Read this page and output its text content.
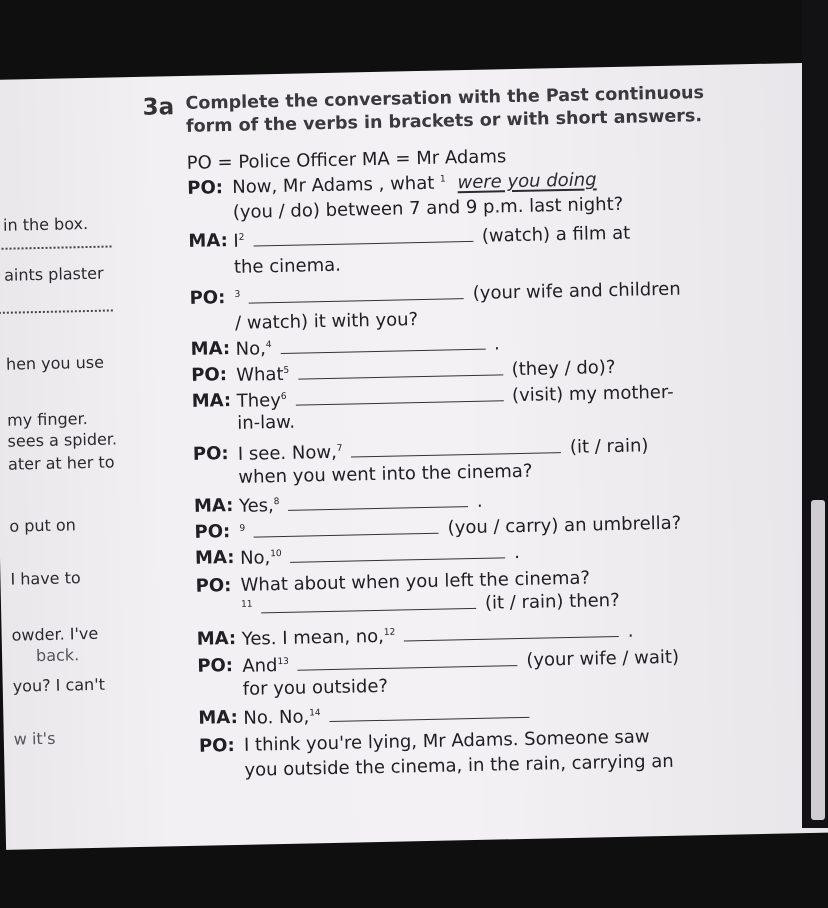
in the box.
aints plaster
hen you use
my finger.
sees a spider.
ater at her to
o put on
I have to
owder. I've
back.
you? I can't
w it's
3a Complete the conversation with the Past continuous
form of the verbs in brackets or with short answers.
PO = Police Officer MA = Mr Adams
PO: Now, Mr Adams , what $^1$ were you doing
(you / do) between 7 and 9 p.m. last night?
MA: $I^2$	(watch) a film at
the cinema.
PO: $^3$	(your wife and children
/ watch) it with you?
MA: No,$^4$	.
PO: What$^5$	(they / do)?
MA: They$^6$	(visit) my mother-
in-law.
PO: I see. Now,$^7$	(it / rain)
when you went into the cinema?
MA: Yes,$^8$	.
PO: $^9$	(you / carry) an umbrella?
MA: No,$^{10}$	.
PO: What about when you left the cinema?
$^{11}$	(it / rain) then?
MA: Yes. I mean, no,$^{12}$	.
PO: And$^{13}$	(your wife / wait)
for you outside?
MA: No. No,$^{14}$
PO: I think you're lying, Mr Adams. Someone saw
you outside the cinema, in the rain, carrying an
